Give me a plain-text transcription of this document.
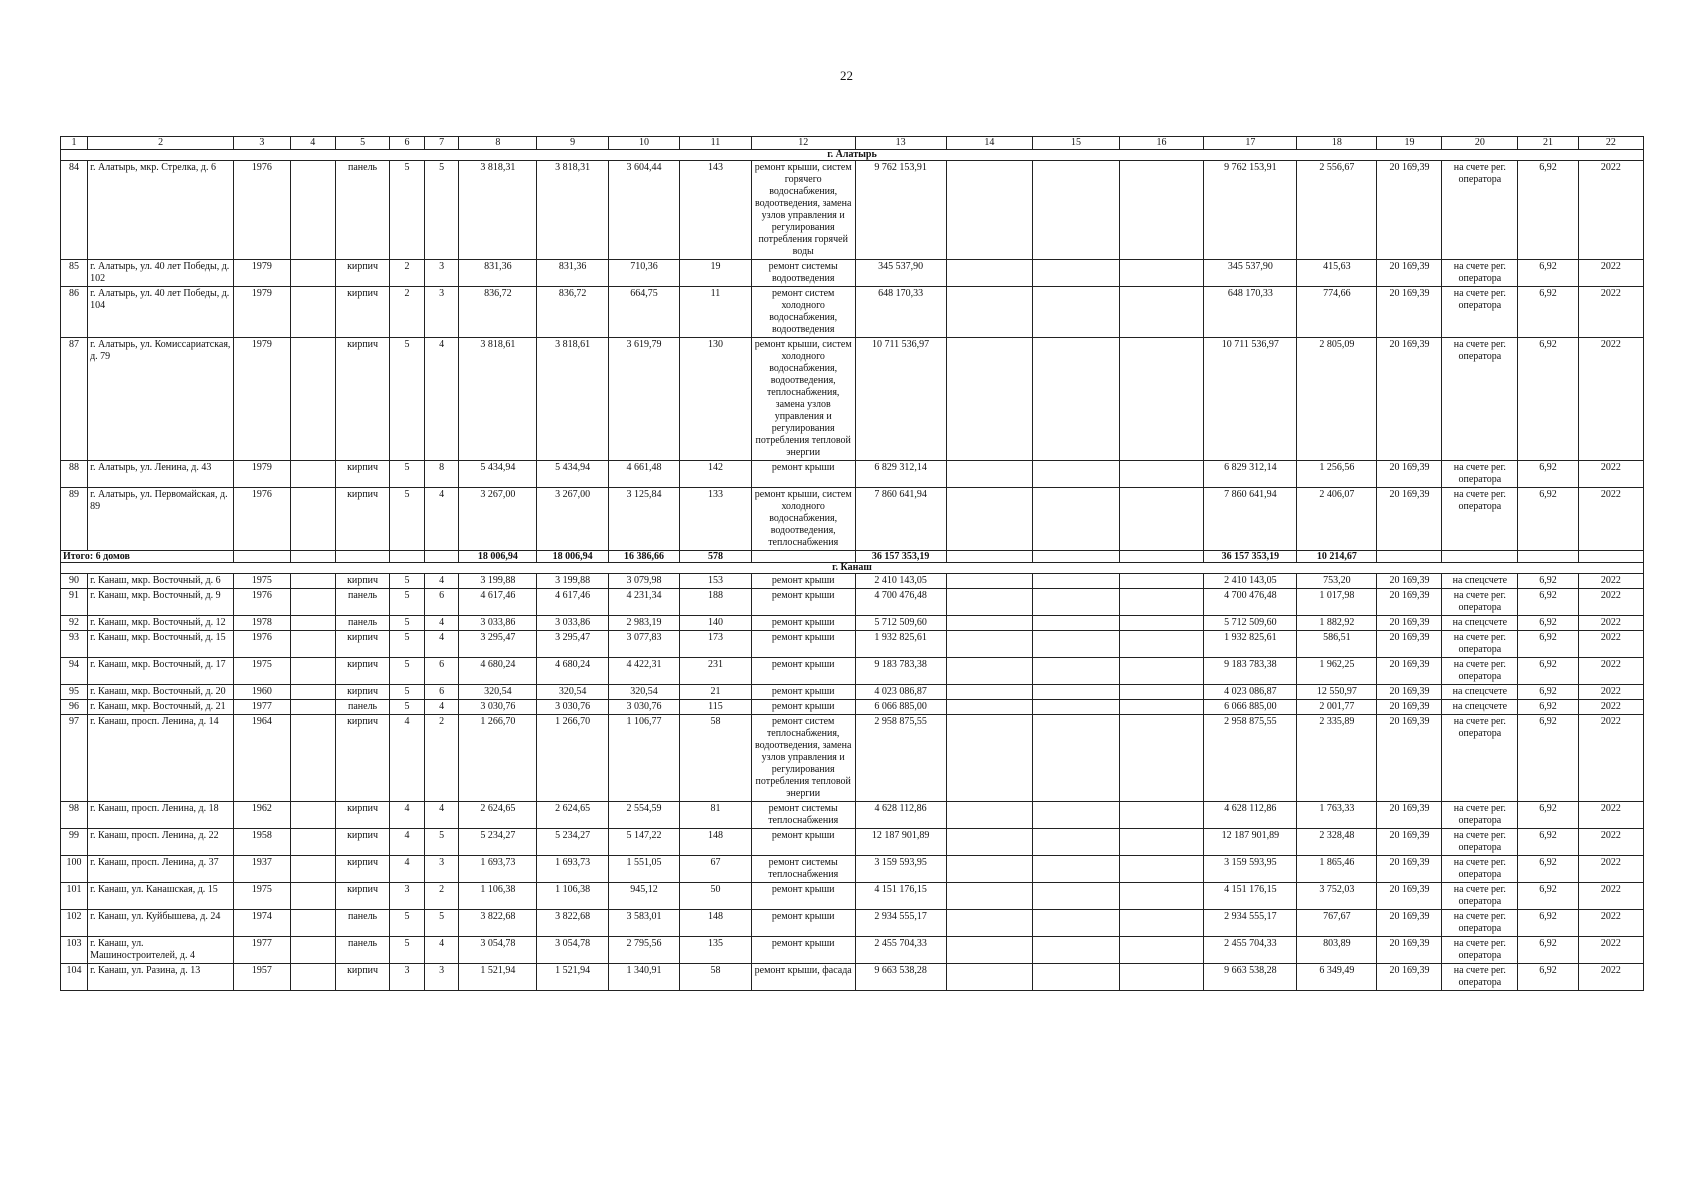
22
1	2	3	4	5	6	7	8	9	10	11	12	13	14	15	16	17	18	19	20	21	22
г. Алатырь																					
84	г. Алатырь, мкр. Стрелка, д. 6	1976		панель	5	5	3 818,31	3 818,31	3 604,44	143	ремонт крыши, систем горячего водоснабжения, водоотведения, замена узлов управления и регулирования потребления горячей воды	9 762 153,91				9 762 153,91	2 556,67	20 169,39	на счете рег. оператора	6,92	2022
85	г. Алатырь, ул. 40 лет Победы, д. 102	1979		кирпич	2	3	831,36	831,36	710,36	19	ремонт системы водоотведения	345 537,90				345 537,90	415,63	20 169,39	на счете рег. оператора	6,92	2022
86	г. Алатырь, ул. 40 лет Победы, д. 104	1979		кирпич	2	3	836,72	836,72	664,75	11	ремонт систем холодного водоснабжения, водоотведения	648 170,33				648 170,33	774,66	20 169,39	на счете рег. оператора	6,92	2022
87	г. Алатырь, ул. Комиссариатская, д. 79	1979		кирпич	5	4	3 818,61	3 818,61	3 619,79	130	ремонт крыши, систем холодного водоснабжения, водоотведения, теплоснабжения, замена узлов управления и регулирования потребления тепловой энергии	10 711 536,97				10 711 536,97	2 805,09	20 169,39	на счете рег. оператора	6,92	2022
88	г. Алатырь, ул. Ленина, д. 43	1979		кирпич	5	8	5 434,94	5 434,94	4 661,48	142	ремонт крыши	6 829 312,14				6 829 312,14	1 256,56	20 169,39	на счете рег. оператора	6,92	2022
89	г. Алатырь, ул. Первомайская, д. 89	1976		кирпич	5	4	3 267,00	3 267,00	3 125,84	133	ремонт крыши, систем холодного водоснабжения, водоотведения, теплоснабжения	7 860 641,94				7 860 641,94	2 406,07	20 169,39	на счете рег. оператора	6,92	2022
Итого: 6 домов							18 006,94	18 006,94	16 386,66	578		36 157 353,19				36 157 353,19	10 214,67				
г. Канаш																					
90	г. Канаш, мкр. Восточный, д. 6	1975		кирпич	5	4	3 199,88	3 199,88	3 079,98	153	ремонт крыши	2 410 143,05				2 410 143,05	753,20	20 169,39	на спецсчете	6,92	2022
91	г. Канаш, мкр. Восточный, д. 9	1976		панель	5	6	4 617,46	4 617,46	4 231,34	188	ремонт крыши	4 700 476,48				4 700 476,48	1 017,98	20 169,39	на счете рег. оператора	6,92	2022
92	г. Канаш, мкр. Восточный, д. 12	1978		панель	5	4	3 033,86	3 033,86	2 983,19	140	ремонт крыши	5 712 509,60				5 712 509,60	1 882,92	20 169,39	на спецсчете	6,92	2022
93	г. Канаш, мкр. Восточный, д. 15	1976		кирпич	5	4	3 295,47	3 295,47	3 077,83	173	ремонт крыши	1 932 825,61				1 932 825,61	586,51	20 169,39	на счете рег. оператора	6,92	2022
94	г. Канаш, мкр. Восточный, д. 17	1975		кирпич	5	6	4 680,24	4 680,24	4 422,31	231	ремонт крыши	9 183 783,38				9 183 783,38	1 962,25	20 169,39	на счете рег. оператора	6,92	2022
95	г. Канаш, мкр. Восточный, д. 20	1960		кирпич	5	6	320,54	320,54	320,54	21	ремонт крыши	4 023 086,87				4 023 086,87	12 550,97	20 169,39	на спецсчете	6,92	2022
96	г. Канаш, мкр. Восточный, д. 21	1977		панель	5	4	3 030,76	3 030,76	3 030,76	115	ремонт крыши	6 066 885,00				6 066 885,00	2 001,77	20 169,39	на спецсчете	6,92	2022
97	г. Канаш, просп. Ленина, д. 14	1964		кирпич	4	2	1 266,70	1 266,70	1 106,77	58	ремонт систем теплоснабжения, водоотведения, замена узлов управления и регулирования потребления тепловой энергии	2 958 875,55				2 958 875,55	2 335,89	20 169,39	на счете рег. оператора	6,92	2022
98	г. Канаш, просп. Ленина, д. 18	1962		кирпич	4	4	2 624,65	2 624,65	2 554,59	81	ремонт системы теплоснабжения	4 628 112,86				4 628 112,86	1 763,33	20 169,39	на счете рег. оператора	6,92	2022
99	г. Канаш, просп. Ленина, д. 22	1958		кирпич	4	5	5 234,27	5 234,27	5 147,22	148	ремонт крыши	12 187 901,89				12 187 901,89	2 328,48	20 169,39	на счете рег. оператора	6,92	2022
100	г. Канаш, просп. Ленина, д. 37	1937		кирпич	4	3	1 693,73	1 693,73	1 551,05	67	ремонт системы теплоснабжения	3 159 593,95				3 159 593,95	1 865,46	20 169,39	на счете рег. оператора	6,92	2022
101	г. Канаш, ул. Канашская, д. 15	1975		кирпич	3	2	1 106,38	1 106,38	945,12	50	ремонт крыши	4 151 176,15				4 151 176,15	3 752,03	20 169,39	на счете рег. оператора	6,92	2022
102	г. Канаш, ул. Куйбышева, д. 24	1974		панель	5	5	3 822,68	3 822,68	3 583,01	148	ремонт крыши	2 934 555,17				2 934 555,17	767,67	20 169,39	на счете рег. оператора	6,92	2022
103	г. Канаш, ул. Машиностроителей, д. 4	1977		панель	5	4	3 054,78	3 054,78	2 795,56	135	ремонт крыши	2 455 704,33				2 455 704,33	803,89	20 169,39	на счете рег. оператора	6,92	2022
104	г. Канаш, ул. Разина, д. 13	1957		кирпич	3	3	1 521,94	1 521,94	1 340,91	58	ремонт крыши, фасада	9 663 538,28				9 663 538,28	6 349,49	20 169,39	на счете рег. оператора	6,92	2022
